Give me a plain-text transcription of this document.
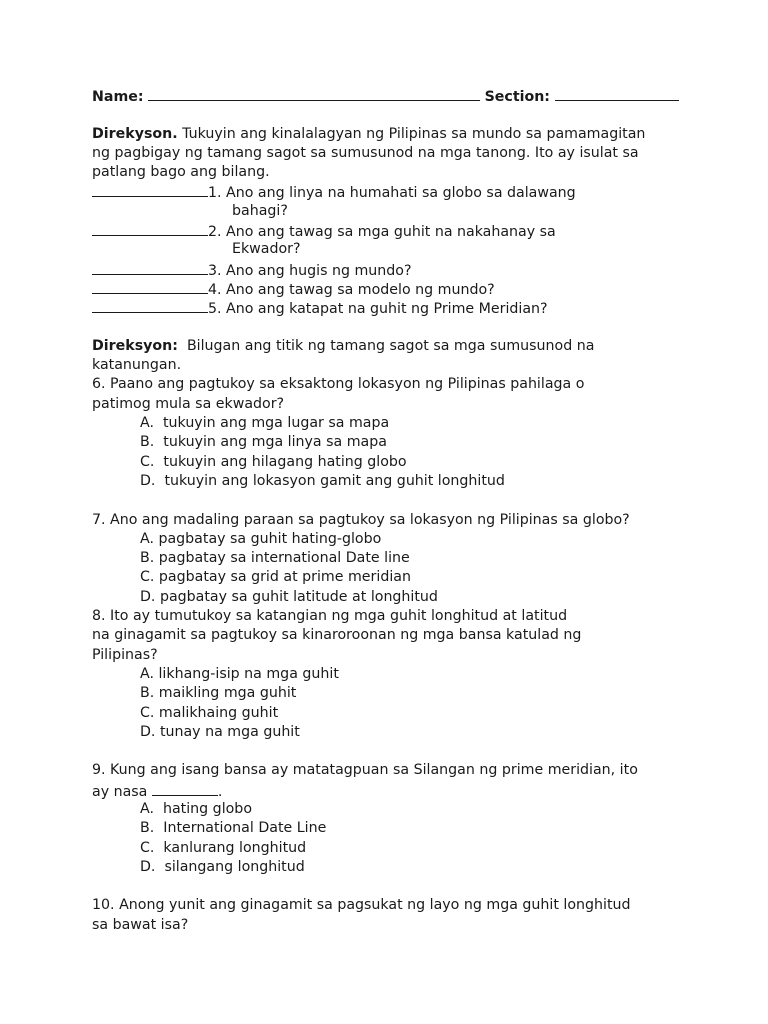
Name:	Section:
Direkyson. Tukuyin ang kinalalagyan ng Pilipinas sa mundo sa pamamagitan
ng pagbigay ng tamang sagot sa sumusunod na mga tanong. Ito ay isulat sa
patlang bago ang bilang.
1. Ano ang linya na humahati sa globo sa dalawang
bahagi?
2. Ano ang tawag sa mga guhit na nakahanay sa
Ekwador?
3. Ano ang hugis ng mundo?
4. Ano ang tawag sa modelo ng mundo?
5. Ano ang katapat na guhit ng Prime Meridian?
Direksyon:  Bilugan ang titik ng tamang sagot sa mga sumusunod na
katanungan.
6. Paano ang pagtukoy sa eksaktong lokasyon ng Pilipinas pahilaga o
patimog mula sa ekwador?
A.  tukuyin ang mga lugar sa mapa
B.  tukuyin ang mga linya sa mapa
C.  tukuyin ang hilagang hating globo
D.  tukuyin ang lokasyon gamit ang guhit longhitud
7. Ano ang madaling paraan sa pagtukoy sa lokasyon ng Pilipinas sa globo?
A. pagbatay sa guhit hating-globo
B. pagbatay sa international Date line
C. pagbatay sa grid at prime meridian
D. pagbatay sa guhit latitude at longhitud
8. Ito ay tumutukoy sa katangian ng mga guhit longhitud at latitud
na ginagamit sa pagtukoy sa kinaroroonan ng mga bansa katulad ng
Pilipinas?
A. likhang-isip na mga guhit
B. maikling mga guhit
C. malikhaing guhit
D. tunay na mga guhit
9. Kung ang isang bansa ay matatagpuan sa Silangan ng prime meridian, ito
ay nasa	.
A.  hating globo
B.  International Date Line
C.  kanlurang longhitud
D.  silangang longhitud
10. Anong yunit ang ginagamit sa pagsukat ng layo ng mga guhit longhitud
sa bawat isa?
